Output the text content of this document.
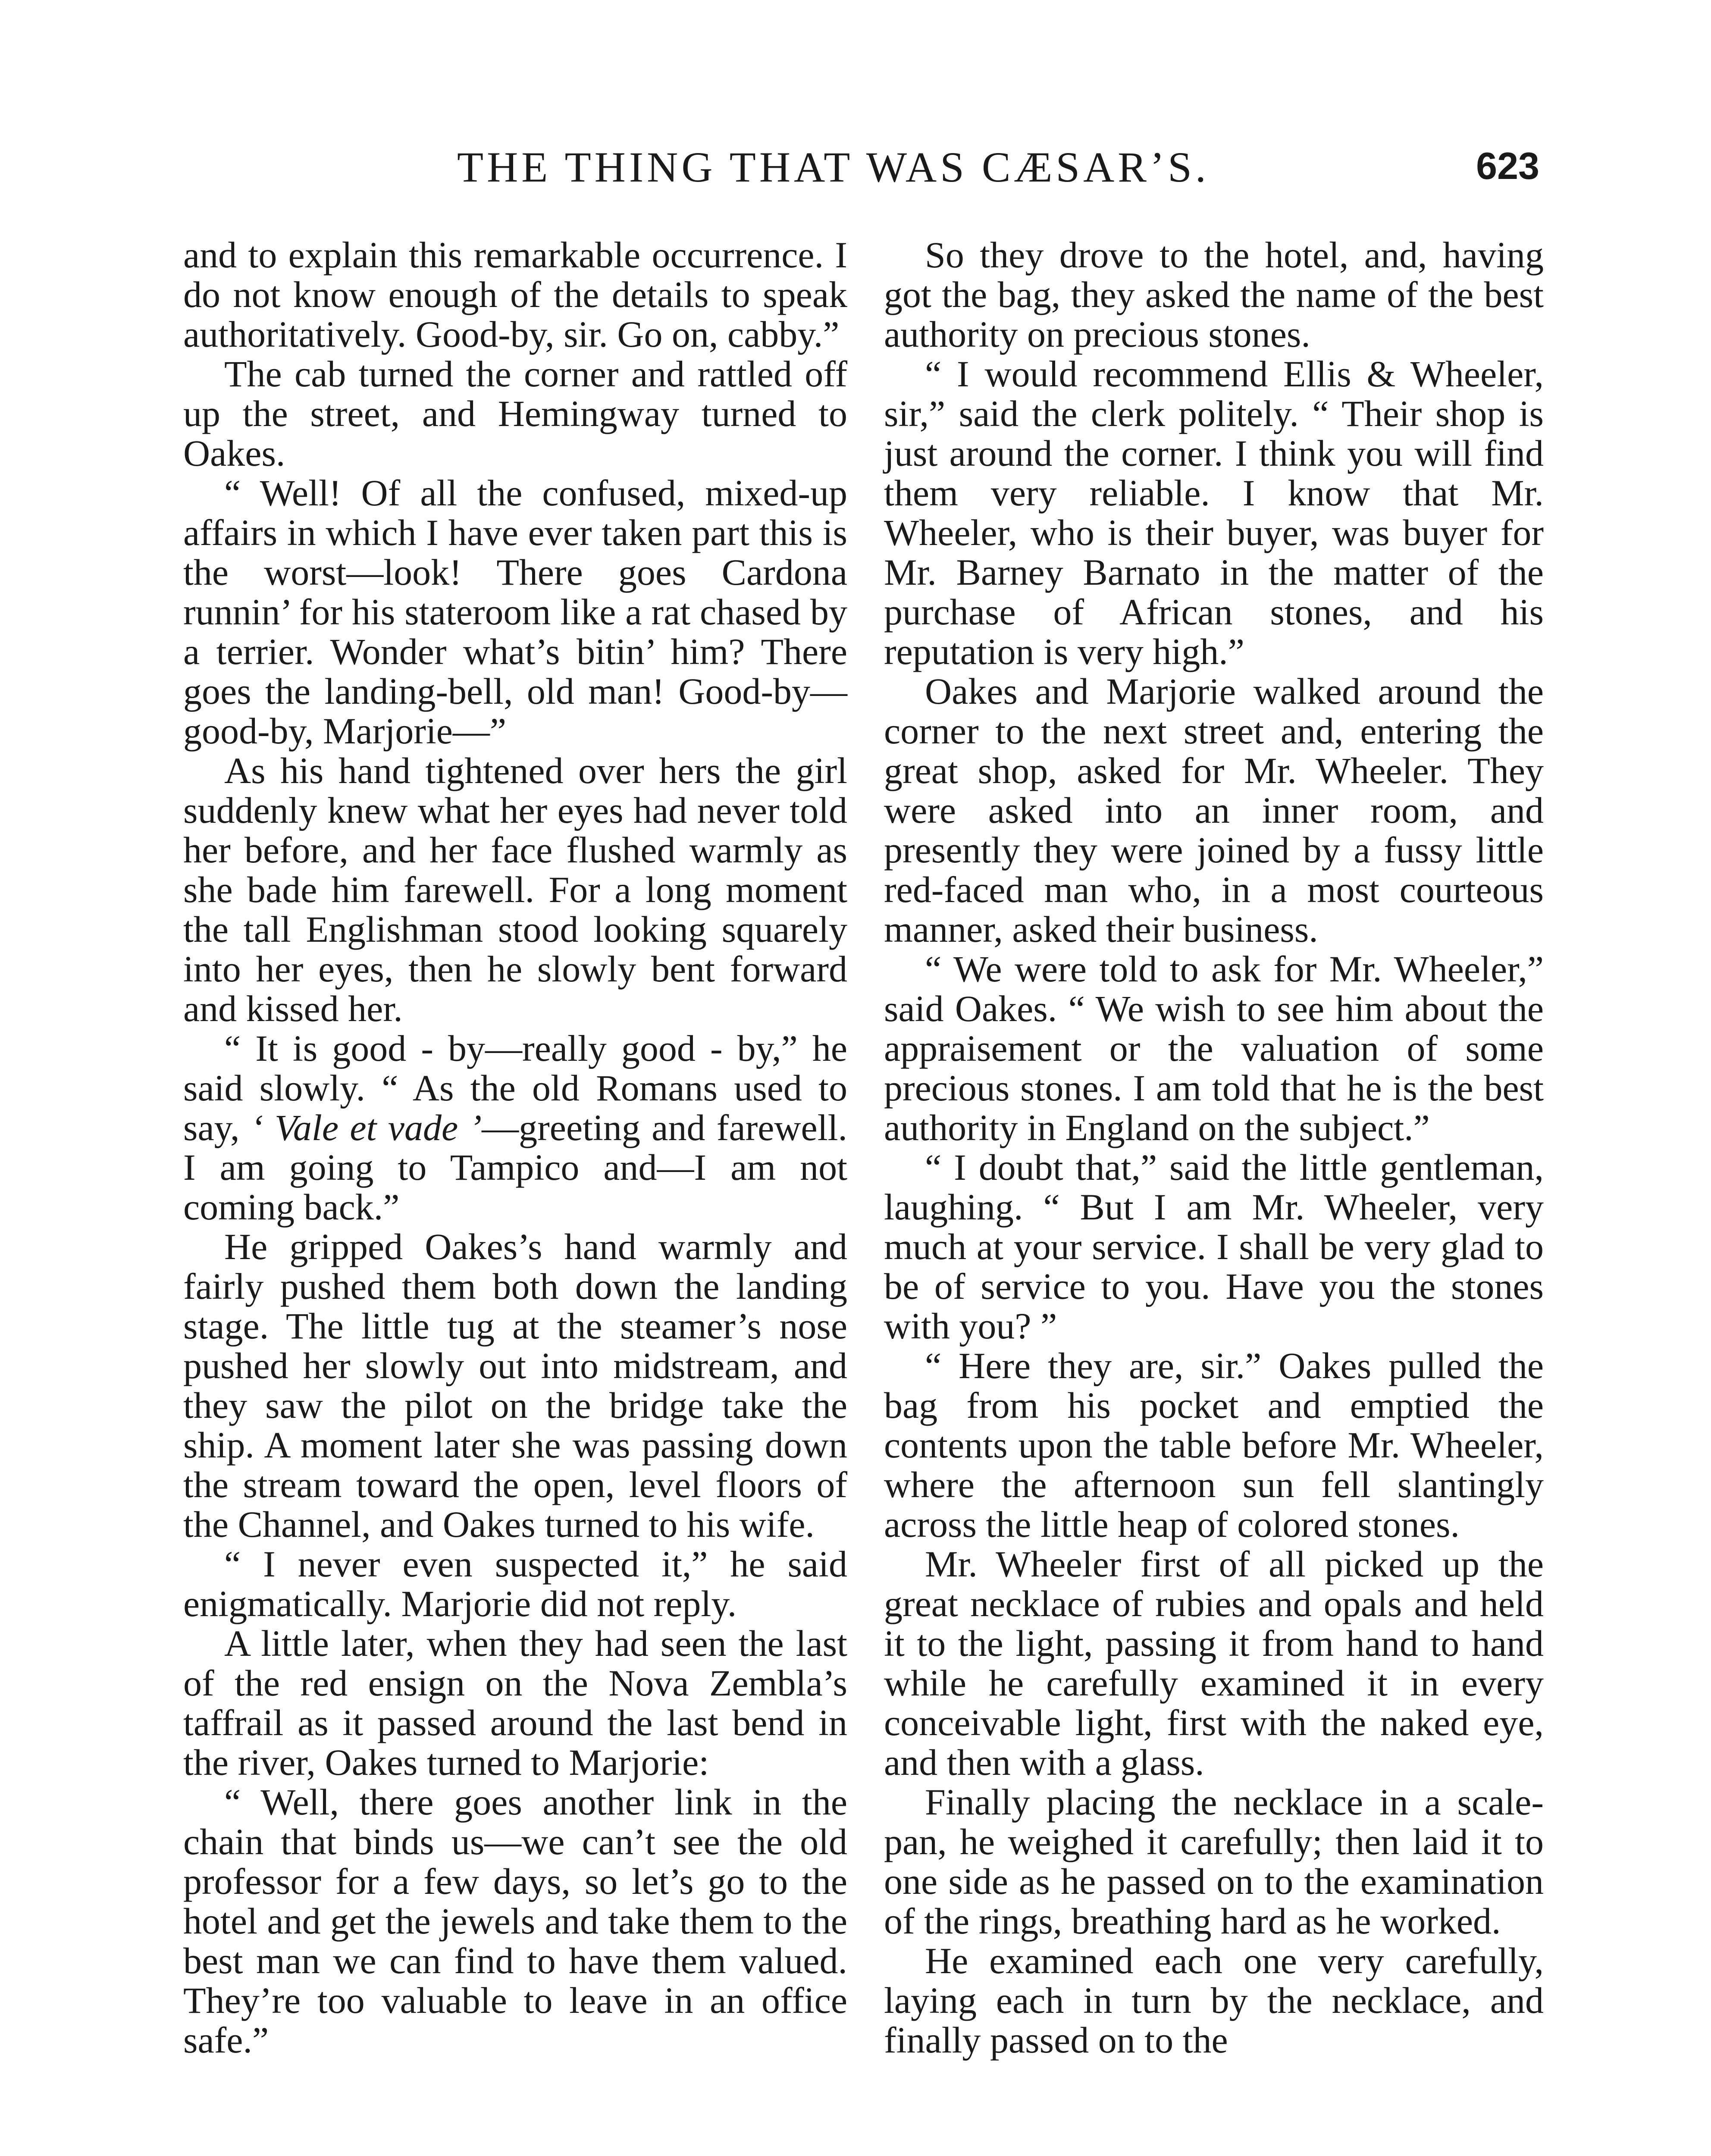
THE THING THAT WAS CÆSAR’S.	623

and to explain this remarkable occurrence. I do not know enough of the details to speak authoritatively. Good-by, sir. Go on, cabby.”

The cab turned the corner and rattled off up the street, and Hemingway turned to Oakes.

“ Well! Of all the confused, mixed-up affairs in which I have ever taken part this is the worst—look! There goes Cardona runnin’ for his stateroom like a rat chased by a terrier. Wonder what’s bitin’ him? There goes the landing-bell, old man! Good-by—good-by, Marjorie—”

As his hand tightened over hers the girl suddenly knew what her eyes had never told her before, and her face flushed warmly as she bade him farewell. For a long moment the tall Englishman stood looking squarely into her eyes, then he slowly bent forward and kissed her.

“ It is good - by—really good - by,” he said slowly. “ As the old Romans used to say, ‘ Vale et vade ’—greeting and farewell. I am going to Tampico and—I am not coming back.”

He gripped Oakes’s hand warmly and fairly pushed them both down the landing stage. The little tug at the steamer’s nose pushed her slowly out into midstream, and they saw the pilot on the bridge take the ship. A moment later she was passing down the stream toward the open, level floors of the Channel, and Oakes turned to his wife.

“ I never even suspected it,” he said enigmatically. Marjorie did not reply.

A little later, when they had seen the last of the red ensign on the Nova Zembla’s taffrail as it passed around the last bend in the river, Oakes turned to Marjorie:

“ Well, there goes another link in the chain that binds us—we can’t see the old professor for a few days, so let’s go to the hotel and get the jewels and take them to the best man we can find to have them valued. They’re too valuable to leave in an office safe.”

So they drove to the hotel, and, having got the bag, they asked the name of the best authority on precious stones.

“ I would recommend Ellis & Wheeler, sir,” said the clerk politely. “ Their shop is just around the corner. I think you will find them very reliable. I know that Mr. Wheeler, who is their buyer, was buyer for Mr. Barney Barnato in the matter of the purchase of African stones, and his reputation is very high.”

Oakes and Marjorie walked around the corner to the next street and, entering the great shop, asked for Mr. Wheeler. They were asked into an inner room, and presently they were joined by a fussy little red-faced man who, in a most courteous manner, asked their business.

“ We were told to ask for Mr. Wheeler,” said Oakes. “ We wish to see him about the appraisement or the valuation of some precious stones. I am told that he is the best authority in England on the subject.”

“ I doubt that,” said the little gentleman, laughing. “ But I am Mr. Wheeler, very much at your service. I shall be very glad to be of service to you. Have you the stones with you? ”

“ Here they are, sir.” Oakes pulled the bag from his pocket and emptied the contents upon the table before Mr. Wheeler, where the afternoon sun fell slantingly across the little heap of colored stones.

Mr. Wheeler first of all picked up the great necklace of rubies and opals and held it to the light, passing it from hand to hand while he carefully examined it in every conceivable light, first with the naked eye, and then with a glass.

Finally placing the necklace in a scale-pan, he weighed it carefully; then laid it to one side as he passed on to the examination of the rings, breathing hard as he worked.

He examined each one very carefully, laying each in turn by the necklace, and finally passed on to the
